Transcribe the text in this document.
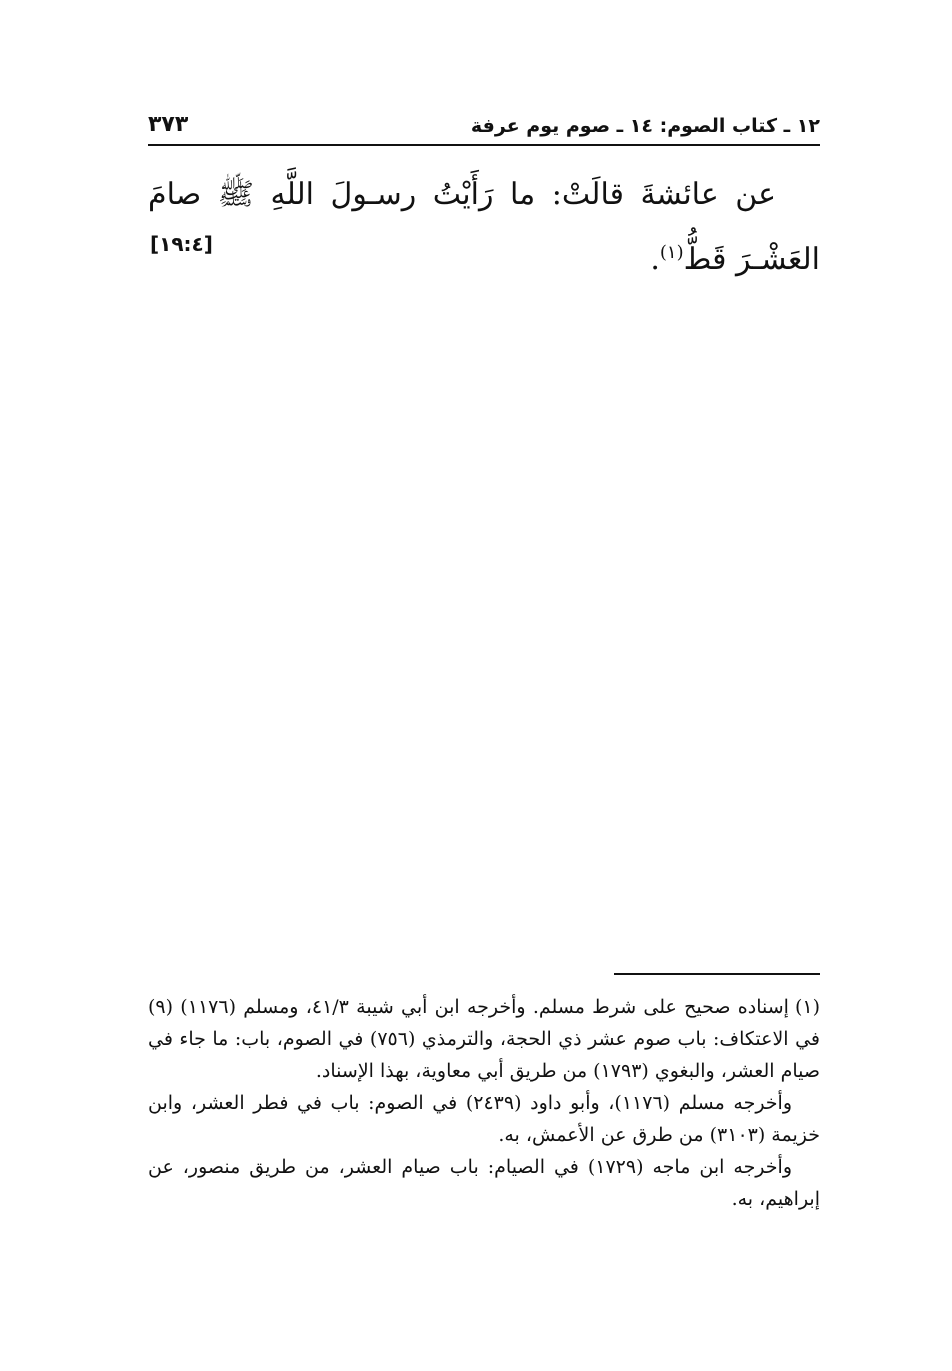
١٢ ـ كتاب الصوم: ١٤ ـ صوم يوم عرفة
٣٧٣

عن عائشةَ قالَتْ: ما رَأَيْتُ رسـولَ اللَّهِ ﷺ صامَ العَشْـرَ قَطُّ$^{(١)}$.

[١٩:٤]

(١)إسناده صحيح على شرط مسلم. وأخرجه ابن أبي شيبة ٤١/٣، ومسلم (١١٧٦) (٩) في الاعتكاف: باب صوم عشر ذي الحجة، والترمذي (٧٥٦) في الصوم، باب: ما جاء في صيام العشر، والبغوي (١٧٩٣) من طريق أبي معاوية، بهذا الإسناد.

وأخرجه مسلم (١١٧٦)، وأبو داود (٢٤٣٩) في الصوم: باب في فطر العشر، وابن خزيمة (٣١٠٣) من طرق عن الأعمش، به.

وأخرجه ابن ماجه (١٧٢٩) في الصيام: باب صيام العشر، من طريق منصور، عن إبراهيم، به.
